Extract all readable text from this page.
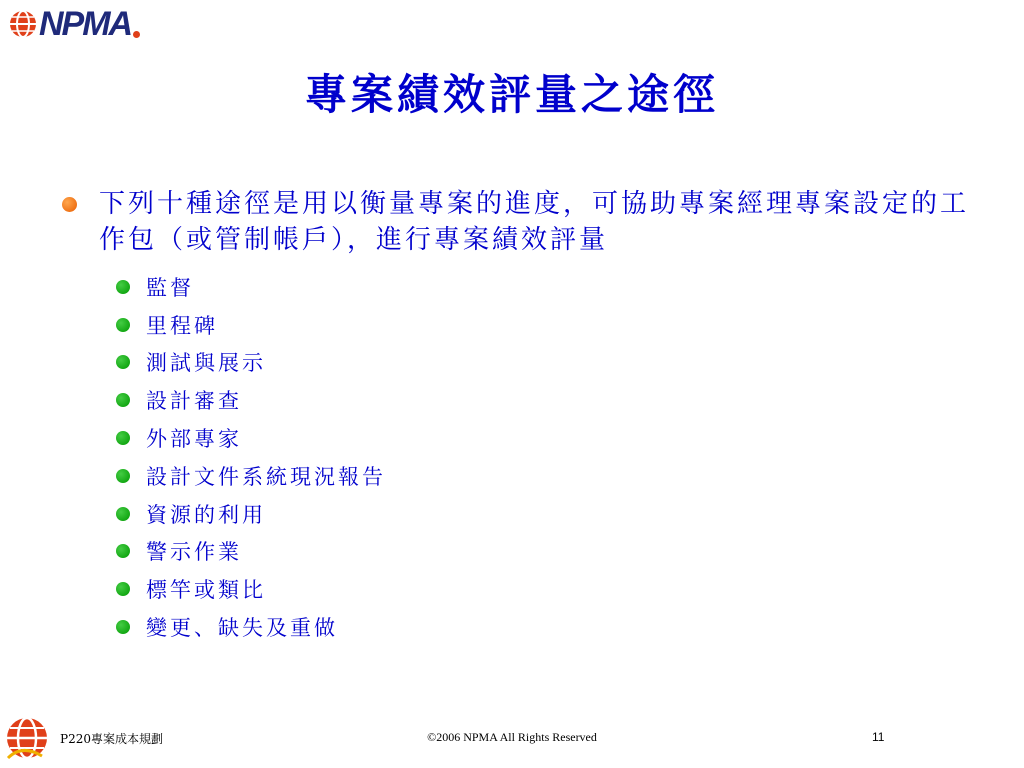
NPMA
專案績效評量之途徑
下列十種途徑是用以衡量專案的進度，可協助專案經理專案設定的工作包（或管制帳戶），進行專案績效評量
監督
里程碑
測試與展示
設計審查
外部專家
設計文件系統現況報告
資源的利用
警示作業
標竿或類比
變更、缺失及重做
P220專案成本規劃	©2006 NPMA All Rights Reserved	11
